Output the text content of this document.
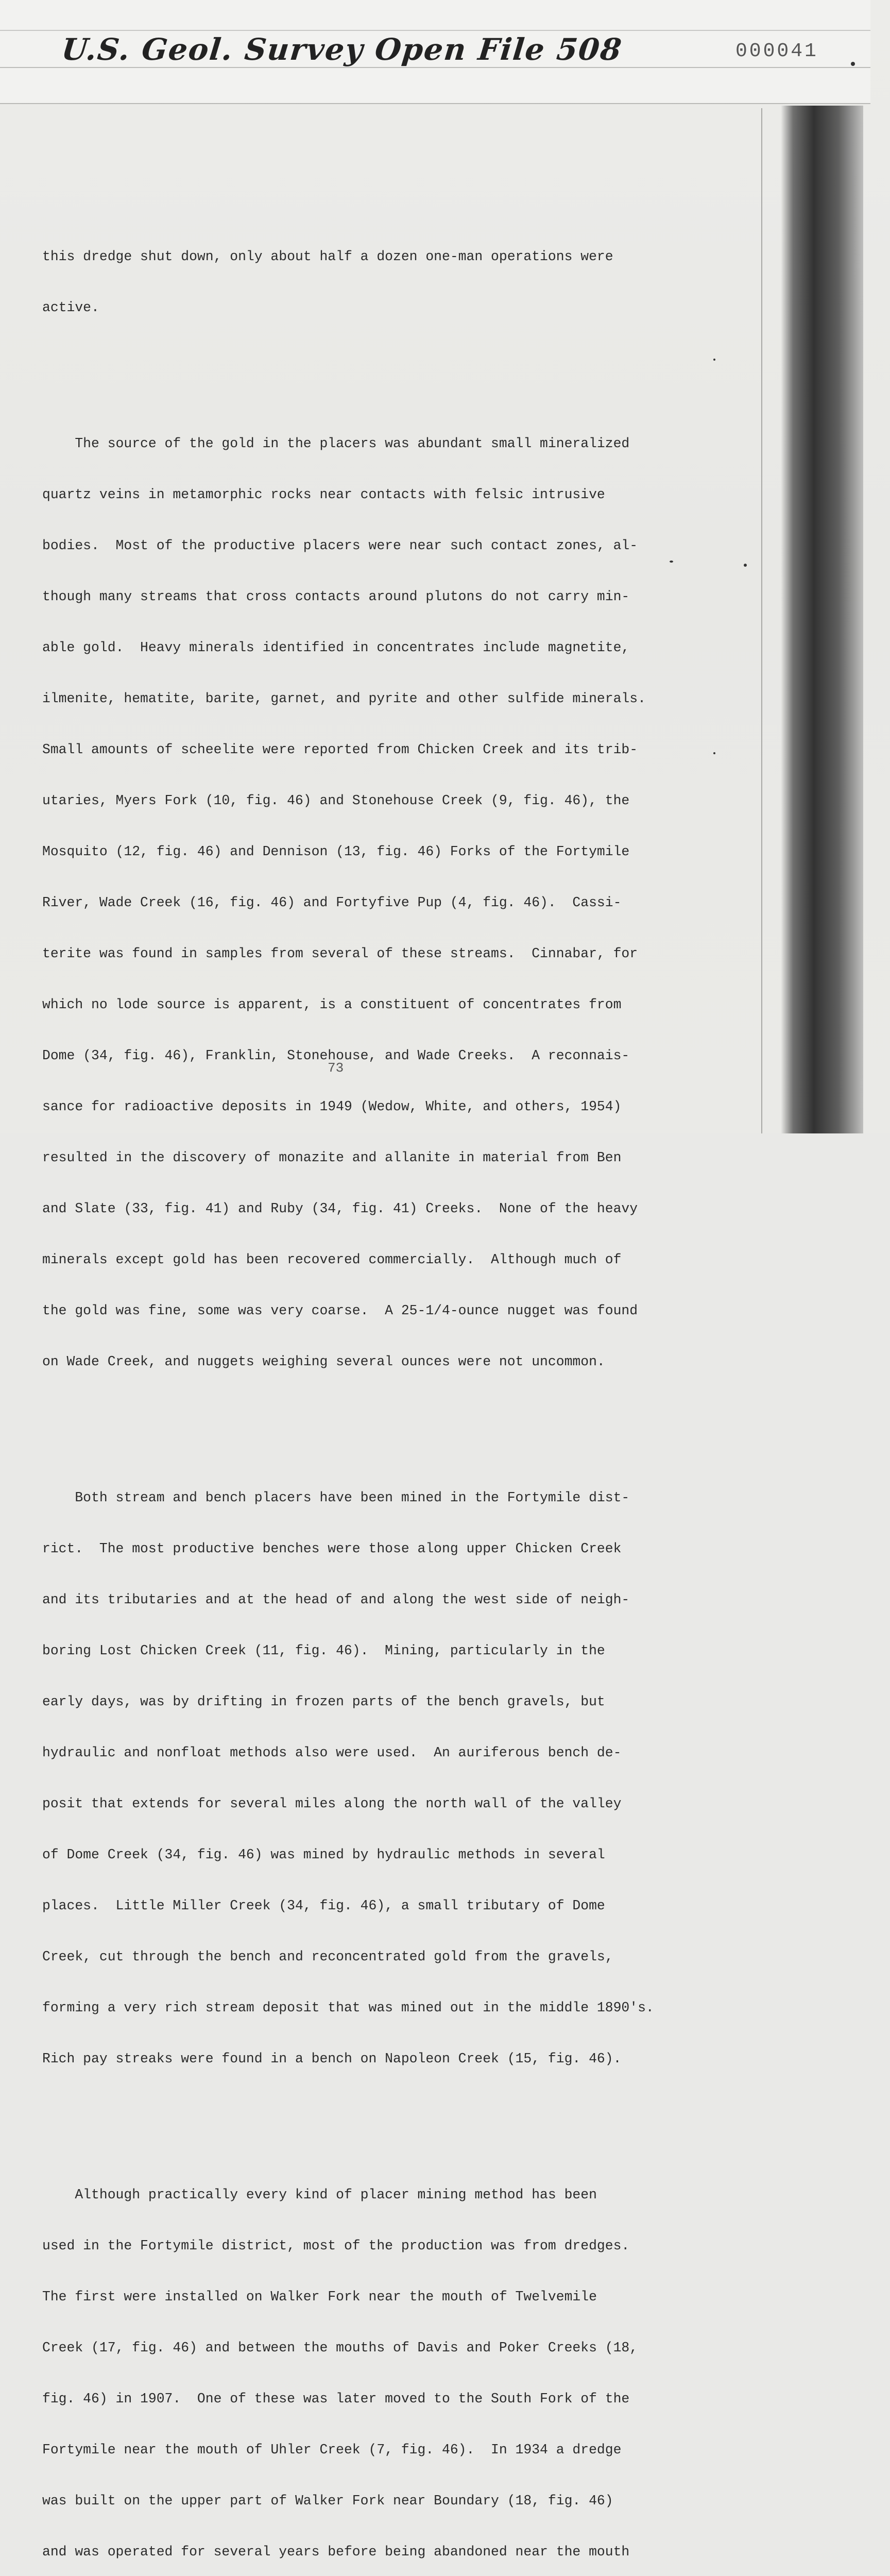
U.S. Geol. Survey Open File 508	000041

this dredge shut down, only about half a dozen one-man operations were

active.

The source of the gold in the placers was abundant small mineralized

quartz veins in metamorphic rocks near contacts with felsic intrusive

bodies.  Most of the productive placers were near such contact zones, al-

though many streams that cross contacts around plutons do not carry min-

able gold.  Heavy minerals identified in concentrates include magnetite,

ilmenite, hematite, barite, garnet, and pyrite and other sulfide minerals.

Small amounts of scheelite were reported from Chicken Creek and its trib-

utaries, Myers Fork (10, fig. 46) and Stonehouse Creek (9, fig. 46), the

Mosquito (12, fig. 46) and Dennison (13, fig. 46) Forks of the Fortymile

River, Wade Creek (16, fig. 46) and Fortyfive Pup (4, fig. 46).  Cassi-

terite was found in samples from several of these streams.  Cinnabar, for

which no lode source is apparent, is a constituent of concentrates from

Dome (34, fig. 46), Franklin, Stonehouse, and Wade Creeks.  A reconnais-

sance for radioactive deposits in 1949 (Wedow, White, and others, 1954)

resulted in the discovery of monazite and allanite in material from Ben

and Slate (33, fig. 41) and Ruby (34, fig. 41) Creeks.  None of the heavy

minerals except gold has been recovered commercially.  Although much of

the gold was fine, some was very coarse.  A 25-1/4-ounce nugget was found

on Wade Creek, and nuggets weighing several ounces were not uncommon.

Both stream and bench placers have been mined in the Fortymile dist-

rict.  The most productive benches were those along upper Chicken Creek

and its tributaries and at the head of and along the west side of neigh-

boring Lost Chicken Creek (11, fig. 46).  Mining, particularly in the

early days, was by drifting in frozen parts of the bench gravels, but

hydraulic and nonfloat methods also were used.  An auriferous bench de-

posit that extends for several miles along the north wall of the valley

of Dome Creek (34, fig. 46) was mined by hydraulic methods in several

places.  Little Miller Creek (34, fig. 46), a small tributary of Dome

Creek, cut through the bench and reconcentrated gold from the gravels,

forming a very rich stream deposit that was mined out in the middle 1890's.

Rich pay streaks were found in a bench on Napoleon Creek (15, fig. 46).

Although practically every kind of placer mining method has been

used in the Fortymile district, most of the production was from dredges.

The first were installed on Walker Fork near the mouth of Twelvemile

Creek (17, fig. 46) and between the mouths of Davis and Poker Creeks (18,

fig. 46) in 1907.  One of these was later moved to the South Fork of the

Fortymile near the mouth of Uhler Creek (7, fig. 46).  In 1934 a dredge

was built on the upper part of Walker Fork near Boundary (18, fig. 46)

and was operated for several years before being abandoned near the mouth

73
